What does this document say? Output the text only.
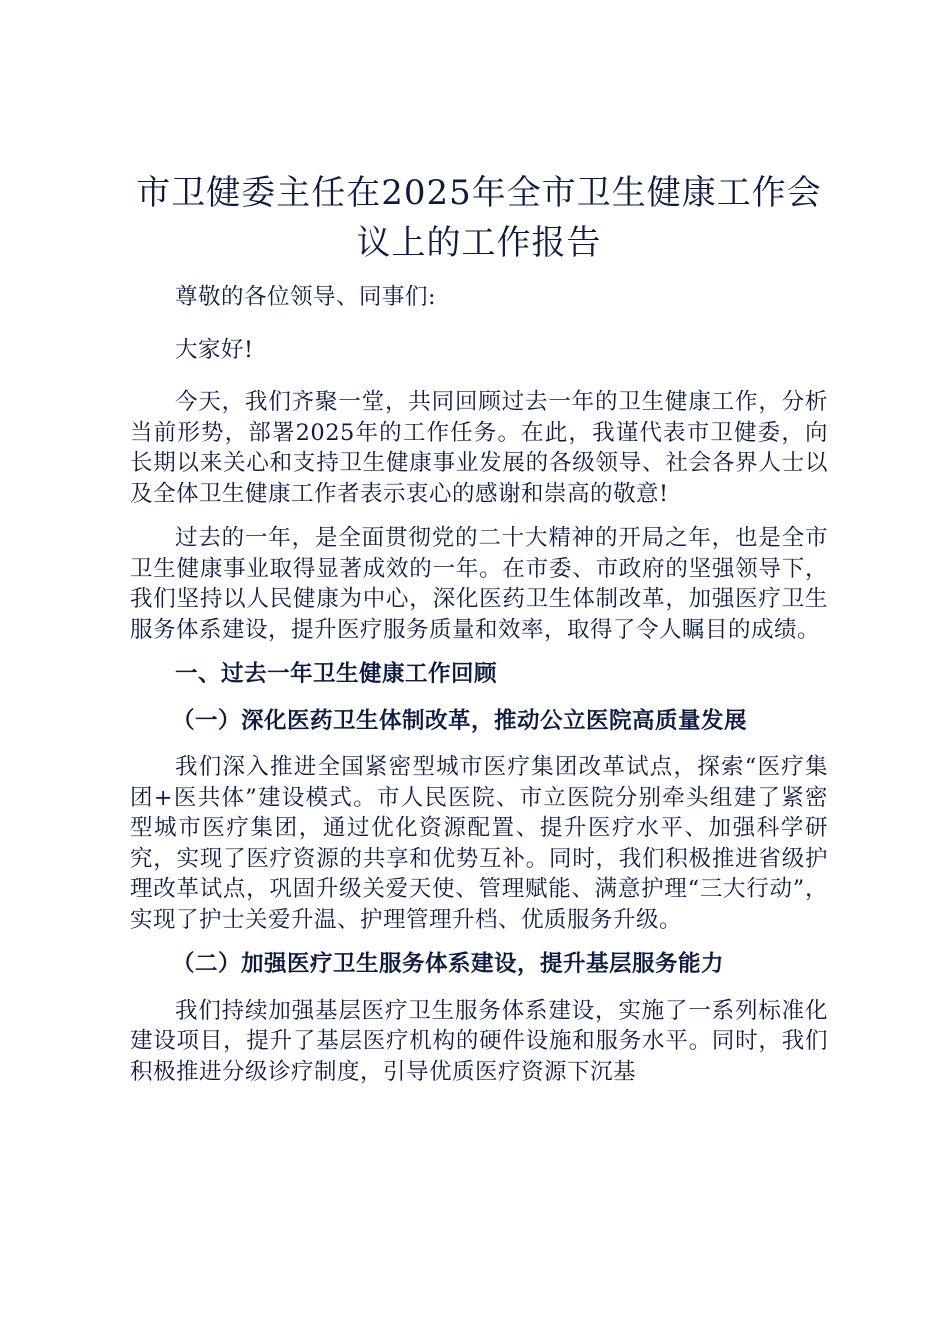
市卫健委主任在2025年全市卫生健康工作会议上的工作报告

尊敬的各位领导、同事们:

大家好!

今天，我们齐聚一堂，共同回顾过去一年的卫生健康工作，分析当前形势，部署2025年的工作任务。在此，我谨代表市卫健委，向长期以来关心和支持卫生健康事业发展的各级领导、社会各界人士以及全体卫生健康工作者表示衷心的感谢和崇高的敬意!

过去的一年，是全面贯彻党的二十大精神的开局之年，也是全市卫生健康事业取得显著成效的一年。在市委、市政府的坚强领导下，我们坚持以人民健康为中心，深化医药卫生体制改革，加强医疗卫生服务体系建设，提升医疗服务质量和效率，取得了令人瞩目的成绩。

一、过去一年卫生健康工作回顾
（一）深化医药卫生体制改革，推动公立医院高质量发展

我们深入推进全国紧密型城市医疗集团改革试点，探索“医疗集团+医共体”建设模式。市人民医院、市立医院分别牵头组建了紧密型城市医疗集团，通过优化资源配置、提升医疗水平、加强科学研究，实现了医疗资源的共享和优势互补。同时，我们积极推进省级护理改革试点，巩固升级关爱天使、管理赋能、满意护理“三大行动”，实现了护士关爱升温、护理管理升档、优质服务升级。

（二）加强医疗卫生服务体系建设，提升基层服务能力

我们持续加强基层医疗卫生服务体系建设，实施了一系列标准化建设项目，提升了基层医疗机构的硬件设施和服务水平。同时，我们积极推进分级诊疗制度，引导优质医疗资源下沉基
